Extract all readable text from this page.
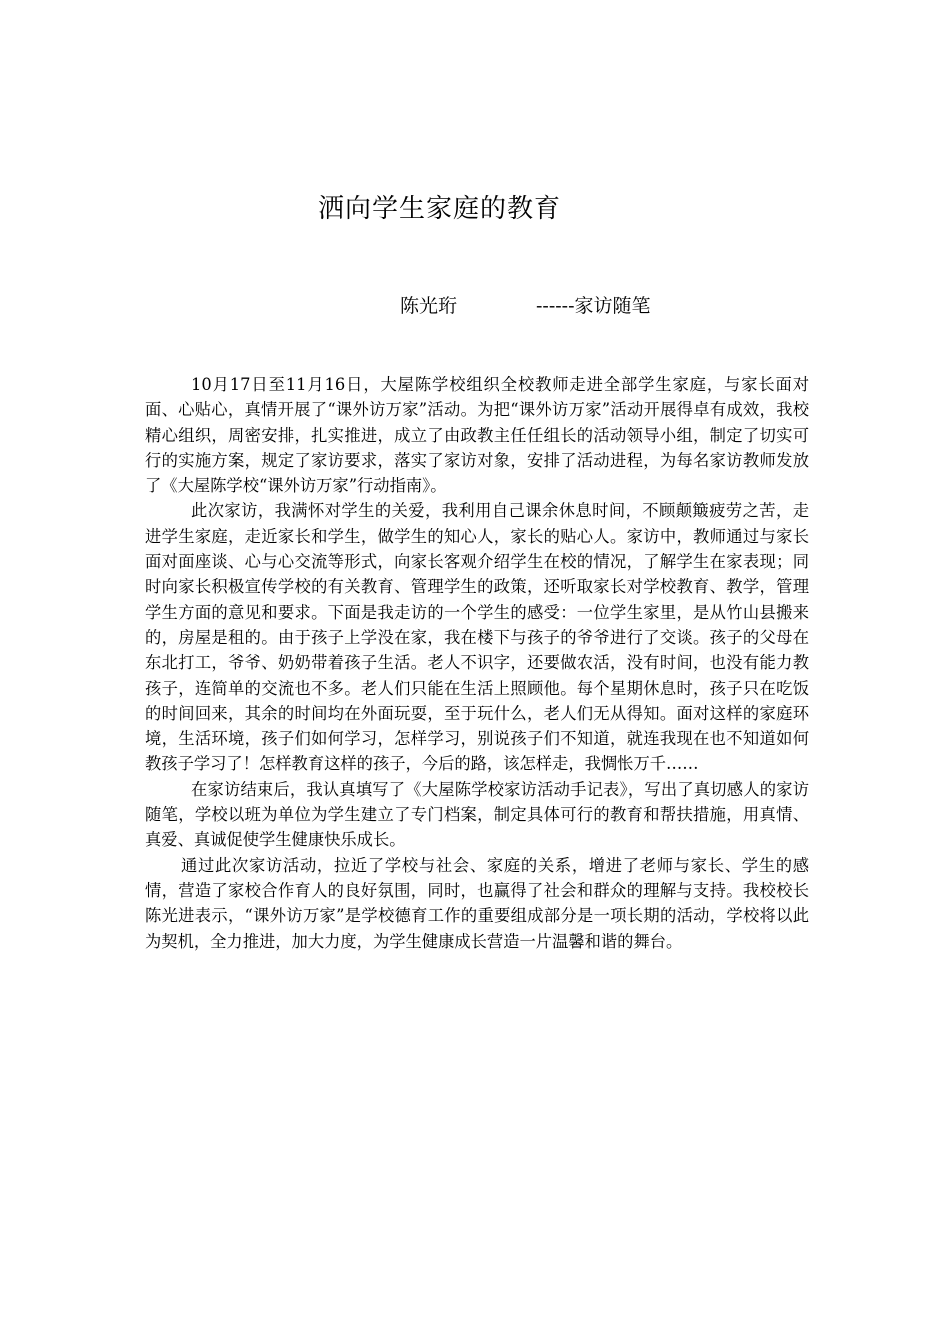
洒向学生家庭的教育
陈光珩	------家访随笔

10月17日至11月16日，大屋陈学校组织全校教师走进全部学生家庭，与家长面对面、心贴心，真情开展了“课外访万家”活动。为把“课外访万家”活动开展得卓有成效，我校精心组织，周密安排，扎实推进，成立了由政教主任任组长的活动领导小组，制定了切实可行的实施方案，规定了家访要求，落实了家访对象，安排了活动进程，为每名家访教师发放了《大屋陈学校“课外访万家”行动指南》。

此次家访，我满怀对学生的关爱，我利用自己课余休息时间，不顾颠簸疲劳之苦，走进学生家庭，走近家长和学生，做学生的知心人，家长的贴心人。家访中，教师通过与家长面对面座谈、心与心交流等形式，向家长客观介绍学生在校的情况，了解学生在家表现；同时向家长积极宣传学校的有关教育、管理学生的政策，还听取家长对学校教育、教学，管理学生方面的意见和要求。下面是我走访的一个学生的感受：一位学生家里，是从竹山县搬来的，房屋是租的。由于孩子上学没在家，我在楼下与孩子的爷爷进行了交谈。孩子的父母在东北打工，爷爷、奶奶带着孩子生活。老人不识字，还要做农活，没有时间，也没有能力教孩子，连简单的交流也不多。老人们只能在生活上照顾他。每个星期休息时，孩子只在吃饭的时间回来，其余的时间均在外面玩耍，至于玩什么，老人们无从得知。面对这样的家庭环境，生活环境，孩子们如何学习，怎样学习，别说孩子们不知道，就连我现在也不知道如何教孩子学习了！怎样教育这样的孩子，今后的路，该怎样走，我惆怅万千……

在家访结束后，我认真填写了《大屋陈学校家访活动手记表》，写出了真切感人的家访随笔，学校以班为单位为学生建立了专门档案，制定具体可行的教育和帮扶措施，用真情、真爱、真诚促使学生健康快乐成长。

通过此次家访活动，拉近了学校与社会、家庭的关系，增进了老师与家长、学生的感情，营造了家校合作育人的良好氛围，同时，也赢得了社会和群众的理解与支持。我校校长陈光进表示，“课外访万家”是学校德育工作的重要组成部分是一项长期的活动，学校将以此为契机，全力推进，加大力度，为学生健康成长营造一片温馨和谐的舞台。
